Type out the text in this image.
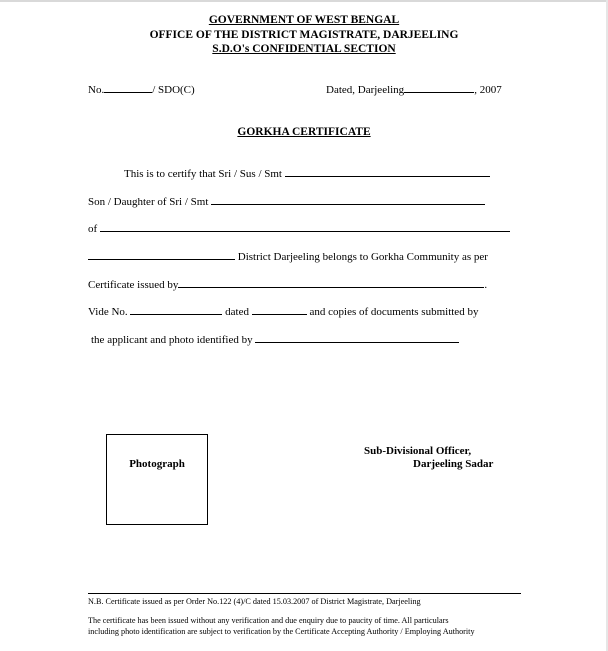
GOVERNMENT OF WEST BENGAL
OFFICE OF THE DISTRICT MAGISTRATE, DARJEELING
S.D.O's CONFIDENTIAL SECTION
No.	/ SDO(C)	Dated, Darjeeling	, 2007
GORKHA CERTIFICATE
This is to certify that Sri / Sus / Smt
Son / Daughter of Sri / Smt
of
District Darjeeling belongs to Gorkha Community as per
Certificate issued by	.
Vide No.	dated	and copies of documents submitted by
the applicant and photo identified by
Photograph
Sub-Divisional Officer,
Darjeeling Sadar
N.B. Certificate issued as per Order No.122 (4)/C dated 15.03.2007 of District Magistrate, Darjeeling
The certificate has been issued without any verification and due enquiry due to paucity of time. All particulars
including photo identification are subject to verification by the Certificate Accepting Authority / Employing Authority
